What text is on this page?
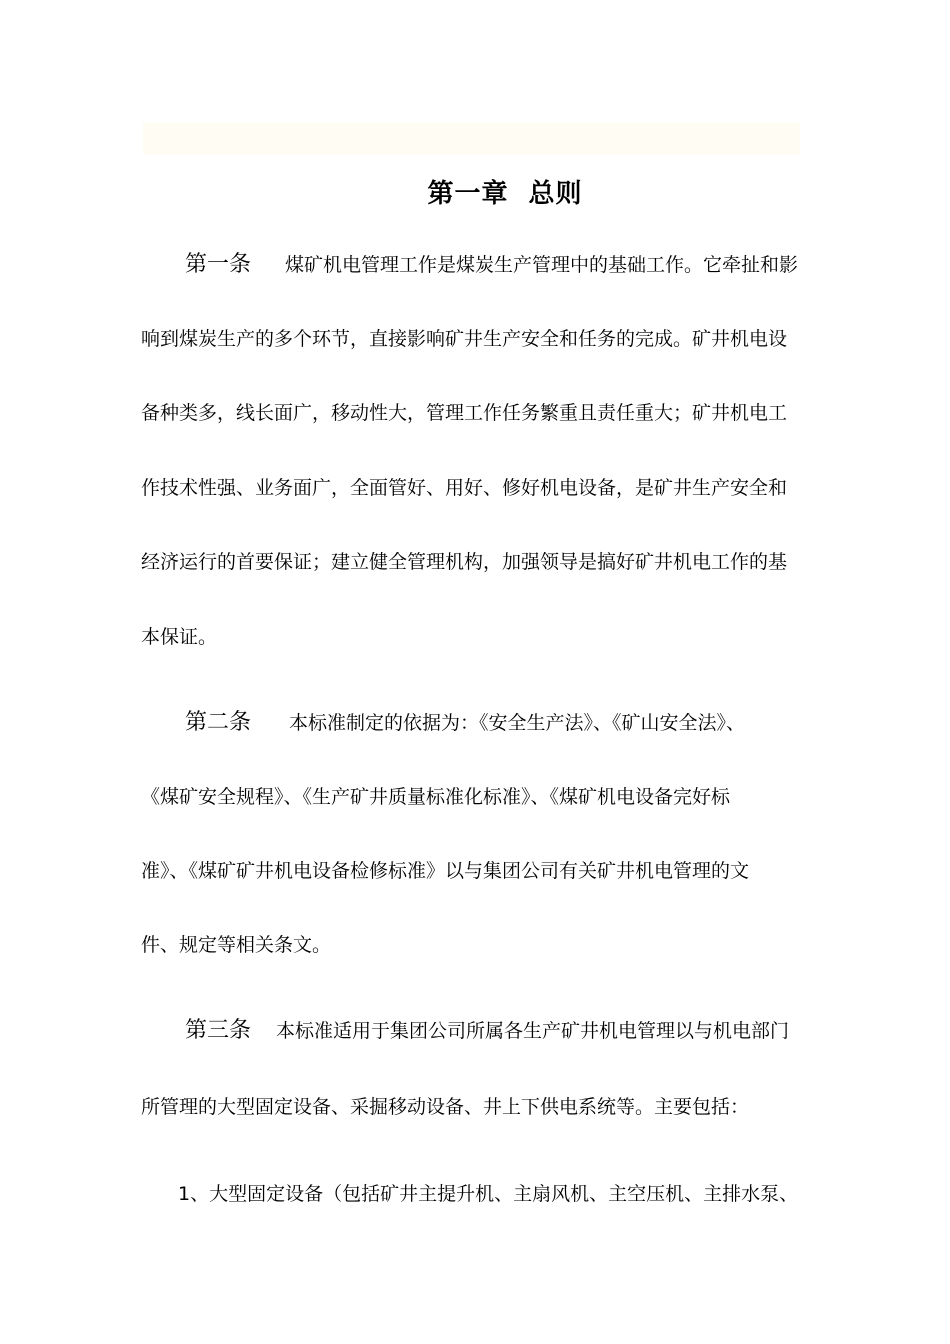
第一章  总则
第一条 煤矿机电管理工作是煤炭生产管理中的基础工作。它牵扯和影
响到煤炭生产的多个环节，直接影响矿井生产安全和任务的完成。矿井机电设
备种类多，线长面广，移动性大，管理工作任务繁重且责任重大；矿井机电工
作技术性强、业务面广，全面管好、用好、修好机电设备，是矿井生产安全和
经济运行的首要保证；建立健全管理机构，加强领导是搞好矿井机电工作的基
本保证。
第二条 本标准制定的依据为：《安全生产法》、《矿山安全法》、
《煤矿安全规程》、《生产矿井质量标准化标准》、《煤矿机电设备完好标
准》、《煤矿矿井机电设备检修标准》以与集团公司有关矿井机电管理的文
件、规定等相关条文。
第三条 本标准适用于集团公司所属各生产矿井机电管理以与机电部门
所管理的大型固定设备、采掘移动设备、井上下供电系统等。主要包括：
1、大型固定设备（包括矿井主提升机、主扇风机、主空压机、主排水泵、
